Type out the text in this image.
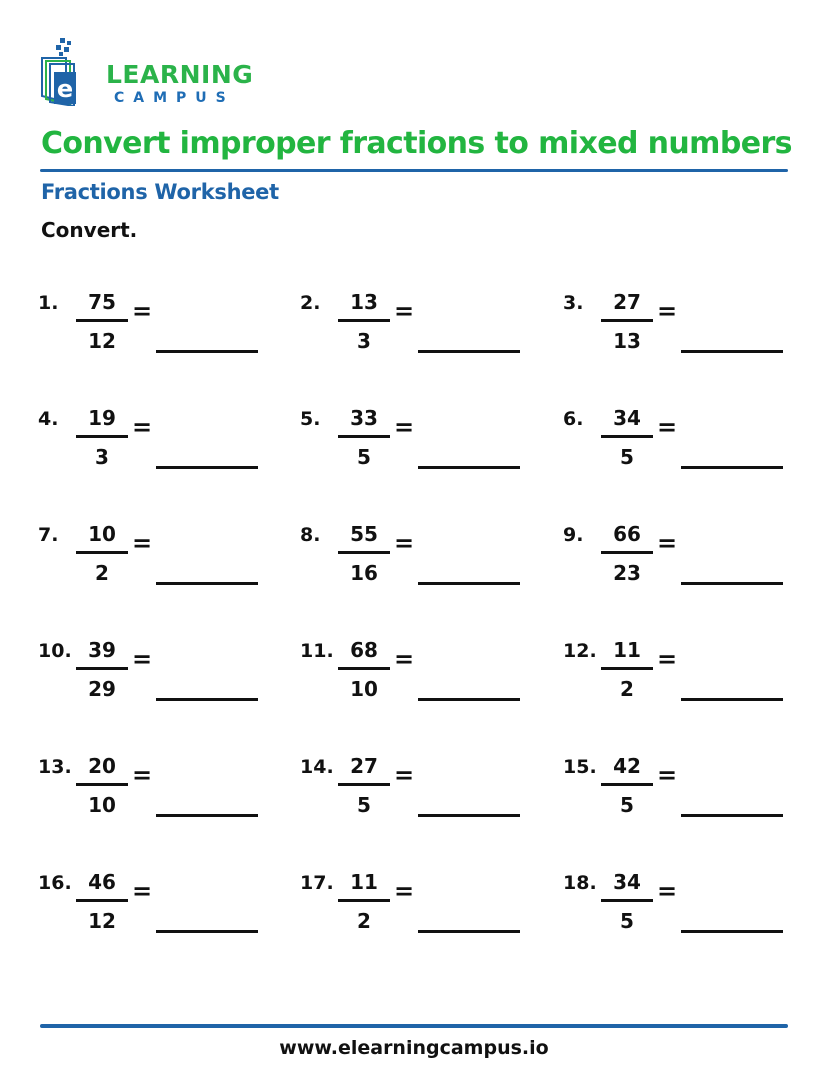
e LEARNING
CAMPUS
Convert improper fractions to mixed numbers
Fractions Worksheet
Convert.
1.	75
12
=	2.	13
3
=	3.	27
13
=
4.	19
3
=	5.	33
5
=	6.	34
5
=
7.	10
2
=	8.	55
16
=	9.	66
23
=
10. 39
29
=	11. 68
10
=	12. 11
2
=
13. 20
10
=	14. 27
5
=	15. 42
5
=
16. 46
12
=	17. 11
2
=	18. 34
5
=
www.elearningcampus.io
